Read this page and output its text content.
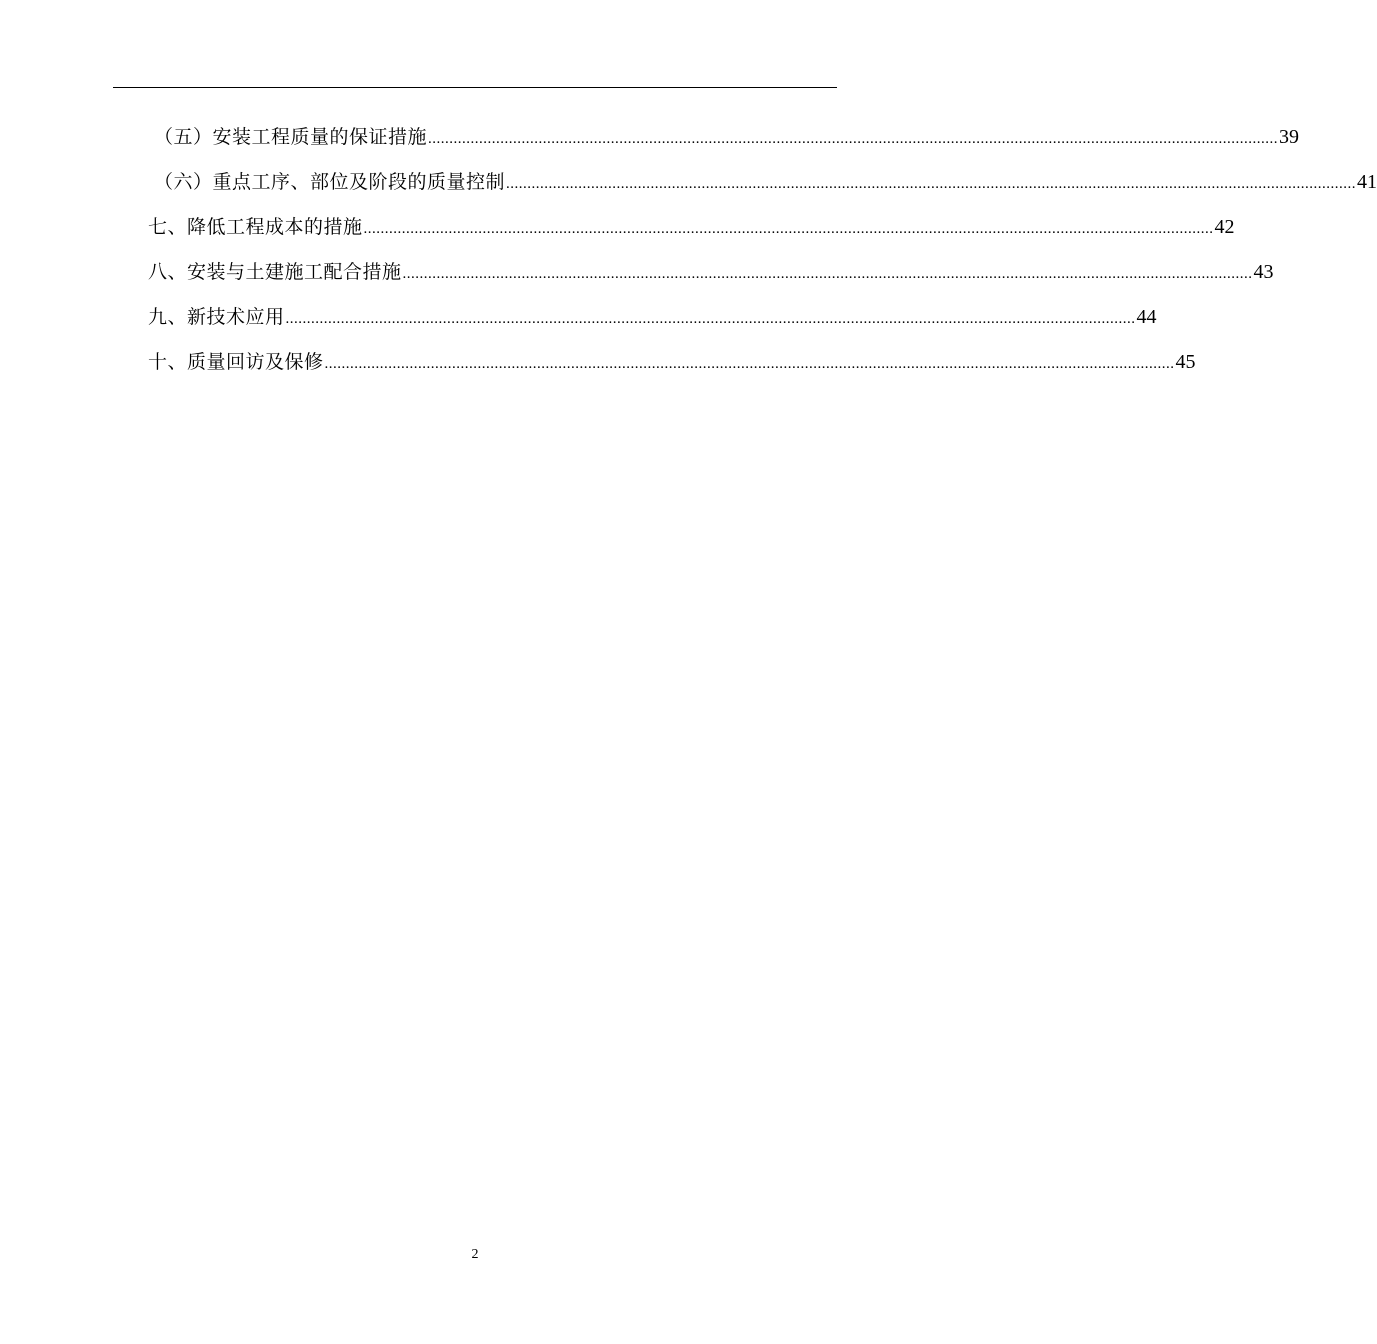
（五）安装工程质量的保证措施 ........................................................................................................................................................................................................ 39
（六）重点工序、部位及阶段的质量控制 ........................................................................................................................................................................................................ 41
七、降低工程成本的措施 ........................................................................................................................................................................................................ 42
八、安装与土建施工配合措施 ........................................................................................................................................................................................................ 43
九、新技术应用 ........................................................................................................................................................................................................ 44
十、质量回访及保修 ........................................................................................................................................................................................................ 45
2
